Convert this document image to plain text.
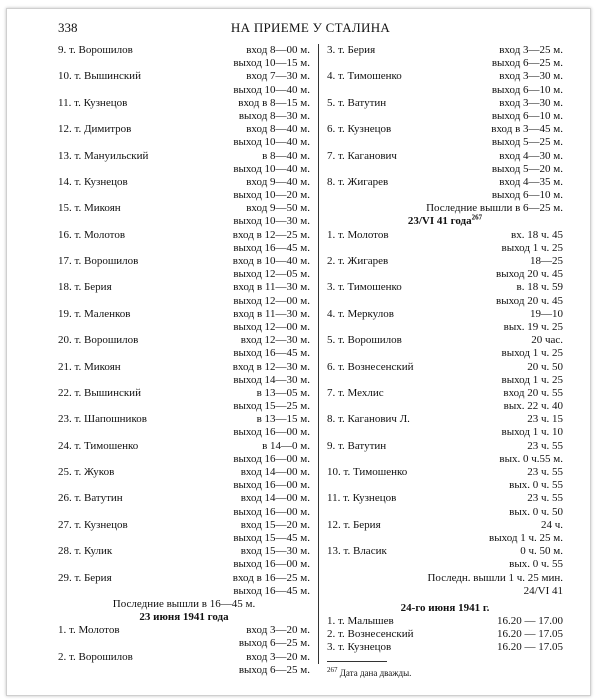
338	НА ПРИЕМЕ У СТАЛИНА
9. т. Ворошилов	вход 8—00 м.
выход 10—15 м.
10. т. Вышинский	вход 7—30 м.
выход 10—40 м.
11. т. Кузнецов	вход в 8—15 м.
выход 8—30 м.
12. т. Димитров	вход 8—40 м.
выход 10—40 м.
13. т. Мануильский	в 8—40 м.
выход 10—40 м.
14. т. Кузнецов	вход 9—40 м.
выход 10—20 м.
15. т. Микоян	вход 9—50 м.
выход 10—30 м.
16. т. Молотов	вход в 12—25 м.
выход 16—45 м.
17. т. Ворошилов	вход в 10—40 м.
выход 12—05 м.
18. т. Берия	вход в 11—30 м.
выход 12—00 м.
19. т. Маленков	вход в 11—30 м.
выход 12—00 м.
20. т. Ворошилов	вход 12—30 м.
выход 16—45 м.
21. т. Микоян	вход в 12—30 м.
выход 14—30 м.
22. т. Вышинский	в 13—05 м.
выход 15—25 м.
23. т. Шапошников	в 13—15 м.
выход 16—00 м.
24. т. Тимошенко	в 14—0 м.
выход 16—00 м.
25. т. Жуков	вход 14—00 м.
выход 16—00 м.
26. т. Ватутин	вход 14—00 м.
выход 16—00 м.
27. т. Кузнецов	вход 15—20 м.
выход 15—45 м.
28. т. Кулик	вход 15—30 м.
выход 16—00 м.
29. т. Берия	вход в 16—25 м.
выход 16—45 м.
Последние вышли в 16—45 м.
23 июня 1941 года
1. т. Молотов	вход 3—20 м.
выход 6—25 м.
2. т. Ворошилов	вход 3—20 м.
выход 6—25 м.
3. т. Берия	вход 3—25 м.
выход 6—25 м.
4. т. Тимошенко	вход 3—30 м.
выход 6—10 м.
5. т. Ватутин	вход 3—30 м.
выход 6—10 м.
6. т. Кузнецов	вход в 3—45 м.
выход 5—25 м.
7. т. Каганович	вход 4—30 м.
выход 5—20 м.
8. т. Жигарев	вход 4—35 м.
выход 6—10 м.
Последние вышли в 6—25 м.
23/VI 41 года$^{267}$
1. т. Молотов	вх. 18 ч. 45
выход 1 ч. 25
2. т. Жигарев	18—25
выход 20 ч. 45
3. т. Тимошенко	в. 18 ч. 59
выход 20 ч. 45
4. т. Меркулов	19—10
вых. 19 ч. 25
5. т. Ворошилов	20 час.
выход 1 ч. 25
6. т. Вознесенский	20 ч. 50
выход 1 ч. 25
7. т. Мехлис	вход 20 ч. 55
вых. 22 ч. 40
8. т. Каганович Л.	23 ч. 15
выход 1 ч. 10
9. т. Ватутин	23 ч. 55
вых. 0 ч.55 м.
10. т. Тимошенко	23 ч. 55
вых. 0 ч. 55
11. т. Кузнецов	23 ч. 55
вых. 0 ч. 50
12. т. Берия	24 ч.
выход 1 ч. 25 м.
13. т. Власик	0 ч. 50 м.
вых. 0 ч. 55
Последн. вышли 1 ч. 25 мин.
24/VI 41
24-го июня 1941 г.
1. т. Малышев	16.20 — 17.00
2. т. Вознесенский	16.20 — 17.05
3. т. Кузнецов	16.20 — 17.05
$^{267}$ Дата дана дважды.
